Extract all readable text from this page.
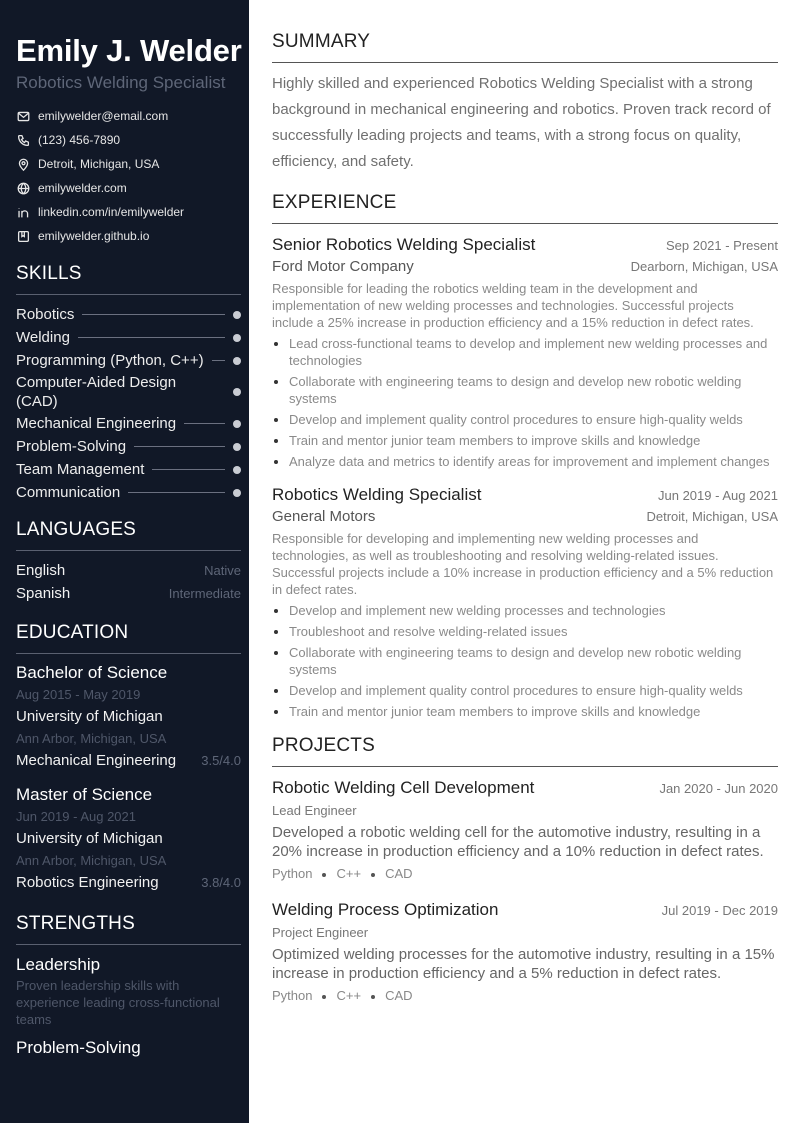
Emily J. Welder
Robotics Welding Specialist
emilywelder@email.com
(123) 456-7890
Detroit, Michigan, USA
emilywelder.com
linkedin.com/in/emilywelder
emilywelder.github.io
SKILLS
Robotics
Welding
Programming (Python, C++)
Computer-Aided Design (CAD)
Mechanical Engineering
Problem-Solving
Team Management
Communication
LANGUAGES
English	Native
Spanish	Intermediate
EDUCATION
Bachelor of Science
Aug 2015 - May 2019
University of Michigan
Ann Arbor, Michigan, USA
Mechanical Engineering 3.5/4.0
Master of Science
Jun 2019 - Aug 2021
University of Michigan
Ann Arbor, Michigan, USA
Robotics Engineering	3.8/4.0
STRENGTHS
Leadership
Proven leadership skills with experience leading cross-functional teams
Problem-Solving
SUMMARY
Highly skilled and experienced Robotics Welding Specialist with a strong background in mechanical engineering and robotics. Proven track record of successfully leading projects and teams, with a strong focus on quality, efficiency, and safety.
EXPERIENCE
Senior Robotics Welding Specialist	Sep 2021 - Present
Ford Motor Company	Dearborn, Michigan, USA
Responsible for leading the robotics welding team in the development and implementation of new welding processes and technologies. Successful projects include a 25% increase in production efficiency and a 15% reduction in defect rates.
Lead cross-functional teams to develop and implement new welding processes and technologies
Collaborate with engineering teams to design and develop new robotic welding systems
Develop and implement quality control procedures to ensure high-quality welds
Train and mentor junior team members to improve skills and knowledge
Analyze data and metrics to identify areas for improvement and implement changes
Robotics Welding Specialist	Jun 2019 - Aug 2021
General Motors	Detroit, Michigan, USA
Responsible for developing and implementing new welding processes and technologies, as well as troubleshooting and resolving welding-related issues. Successful projects include a 10% increase in production efficiency and a 5% reduction in defect rates.
Develop and implement new welding processes and technologies
Troubleshoot and resolve welding-related issues
Collaborate with engineering teams to design and develop new robotic welding systems
Develop and implement quality control procedures to ensure high-quality welds
Train and mentor junior team members to improve skills and knowledge
PROJECTS
Robotic Welding Cell Development	Jan 2020 - Jun 2020
Lead Engineer
Developed a robotic welding cell for the automotive industry, resulting in a 20% increase in production efficiency and a 10% reduction in defect rates.
Python C++ CAD
Welding Process Optimization	Jul 2019 - Dec 2019
Project Engineer
Optimized welding processes for the automotive industry, resulting in a 15% increase in production efficiency and a 5% reduction in defect rates.
Python C++ CAD
